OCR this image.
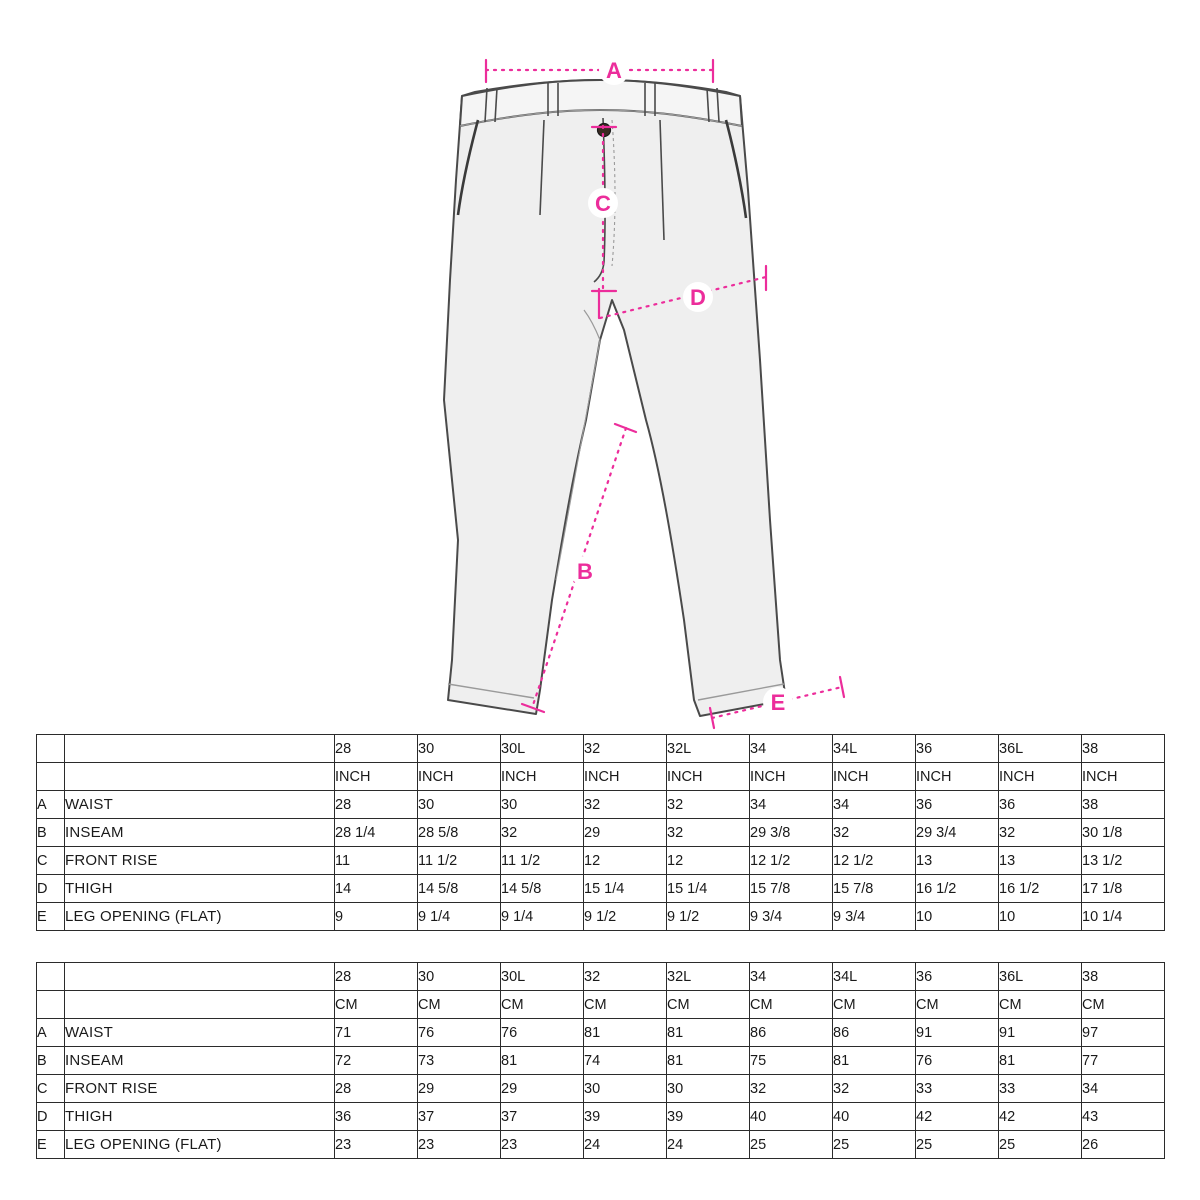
A
C
D
B
E
		28	30	30L	32	32L	34	34L	36	36L	38
		INCH	INCH	INCH	INCH	INCH	INCH	INCH	INCH	INCH	INCH
A	WAIST	28	30	30	32	32	34	34	36	36	38
B	INSEAM	28 1/4	28 5/8	32	29	32	29 3/8	32	29 3/4	32	30 1/8
C	FRONT RISE	11	11 1/2	11 1/2	12	12	12 1/2	12 1/2	13	13	13 1/2
D	THIGH	14	14 5/8	14 5/8	15 1/4	15 1/4	15 7/8	15 7/8	16 1/2	16 1/2	17 1/8
E	LEG OPENING (FLAT)	9	9 1/4	9 1/4	9 1/2	9 1/2	9 3/4	9 3/4	10	10	10 1/4
		28	30	30L	32	32L	34	34L	36	36L	38
		CM	CM	CM	CM	CM	CM	CM	CM	CM	CM
A	WAIST	71	76	76	81	81	86	86	91	91	97
B	INSEAM	72	73	81	74	81	75	81	76	81	77
C	FRONT RISE	28	29	29	30	30	32	32	33	33	34
D	THIGH	36	37	37	39	39	40	40	42	42	43
E	LEG OPENING (FLAT)	23	23	23	24	24	25	25	25	25	26
